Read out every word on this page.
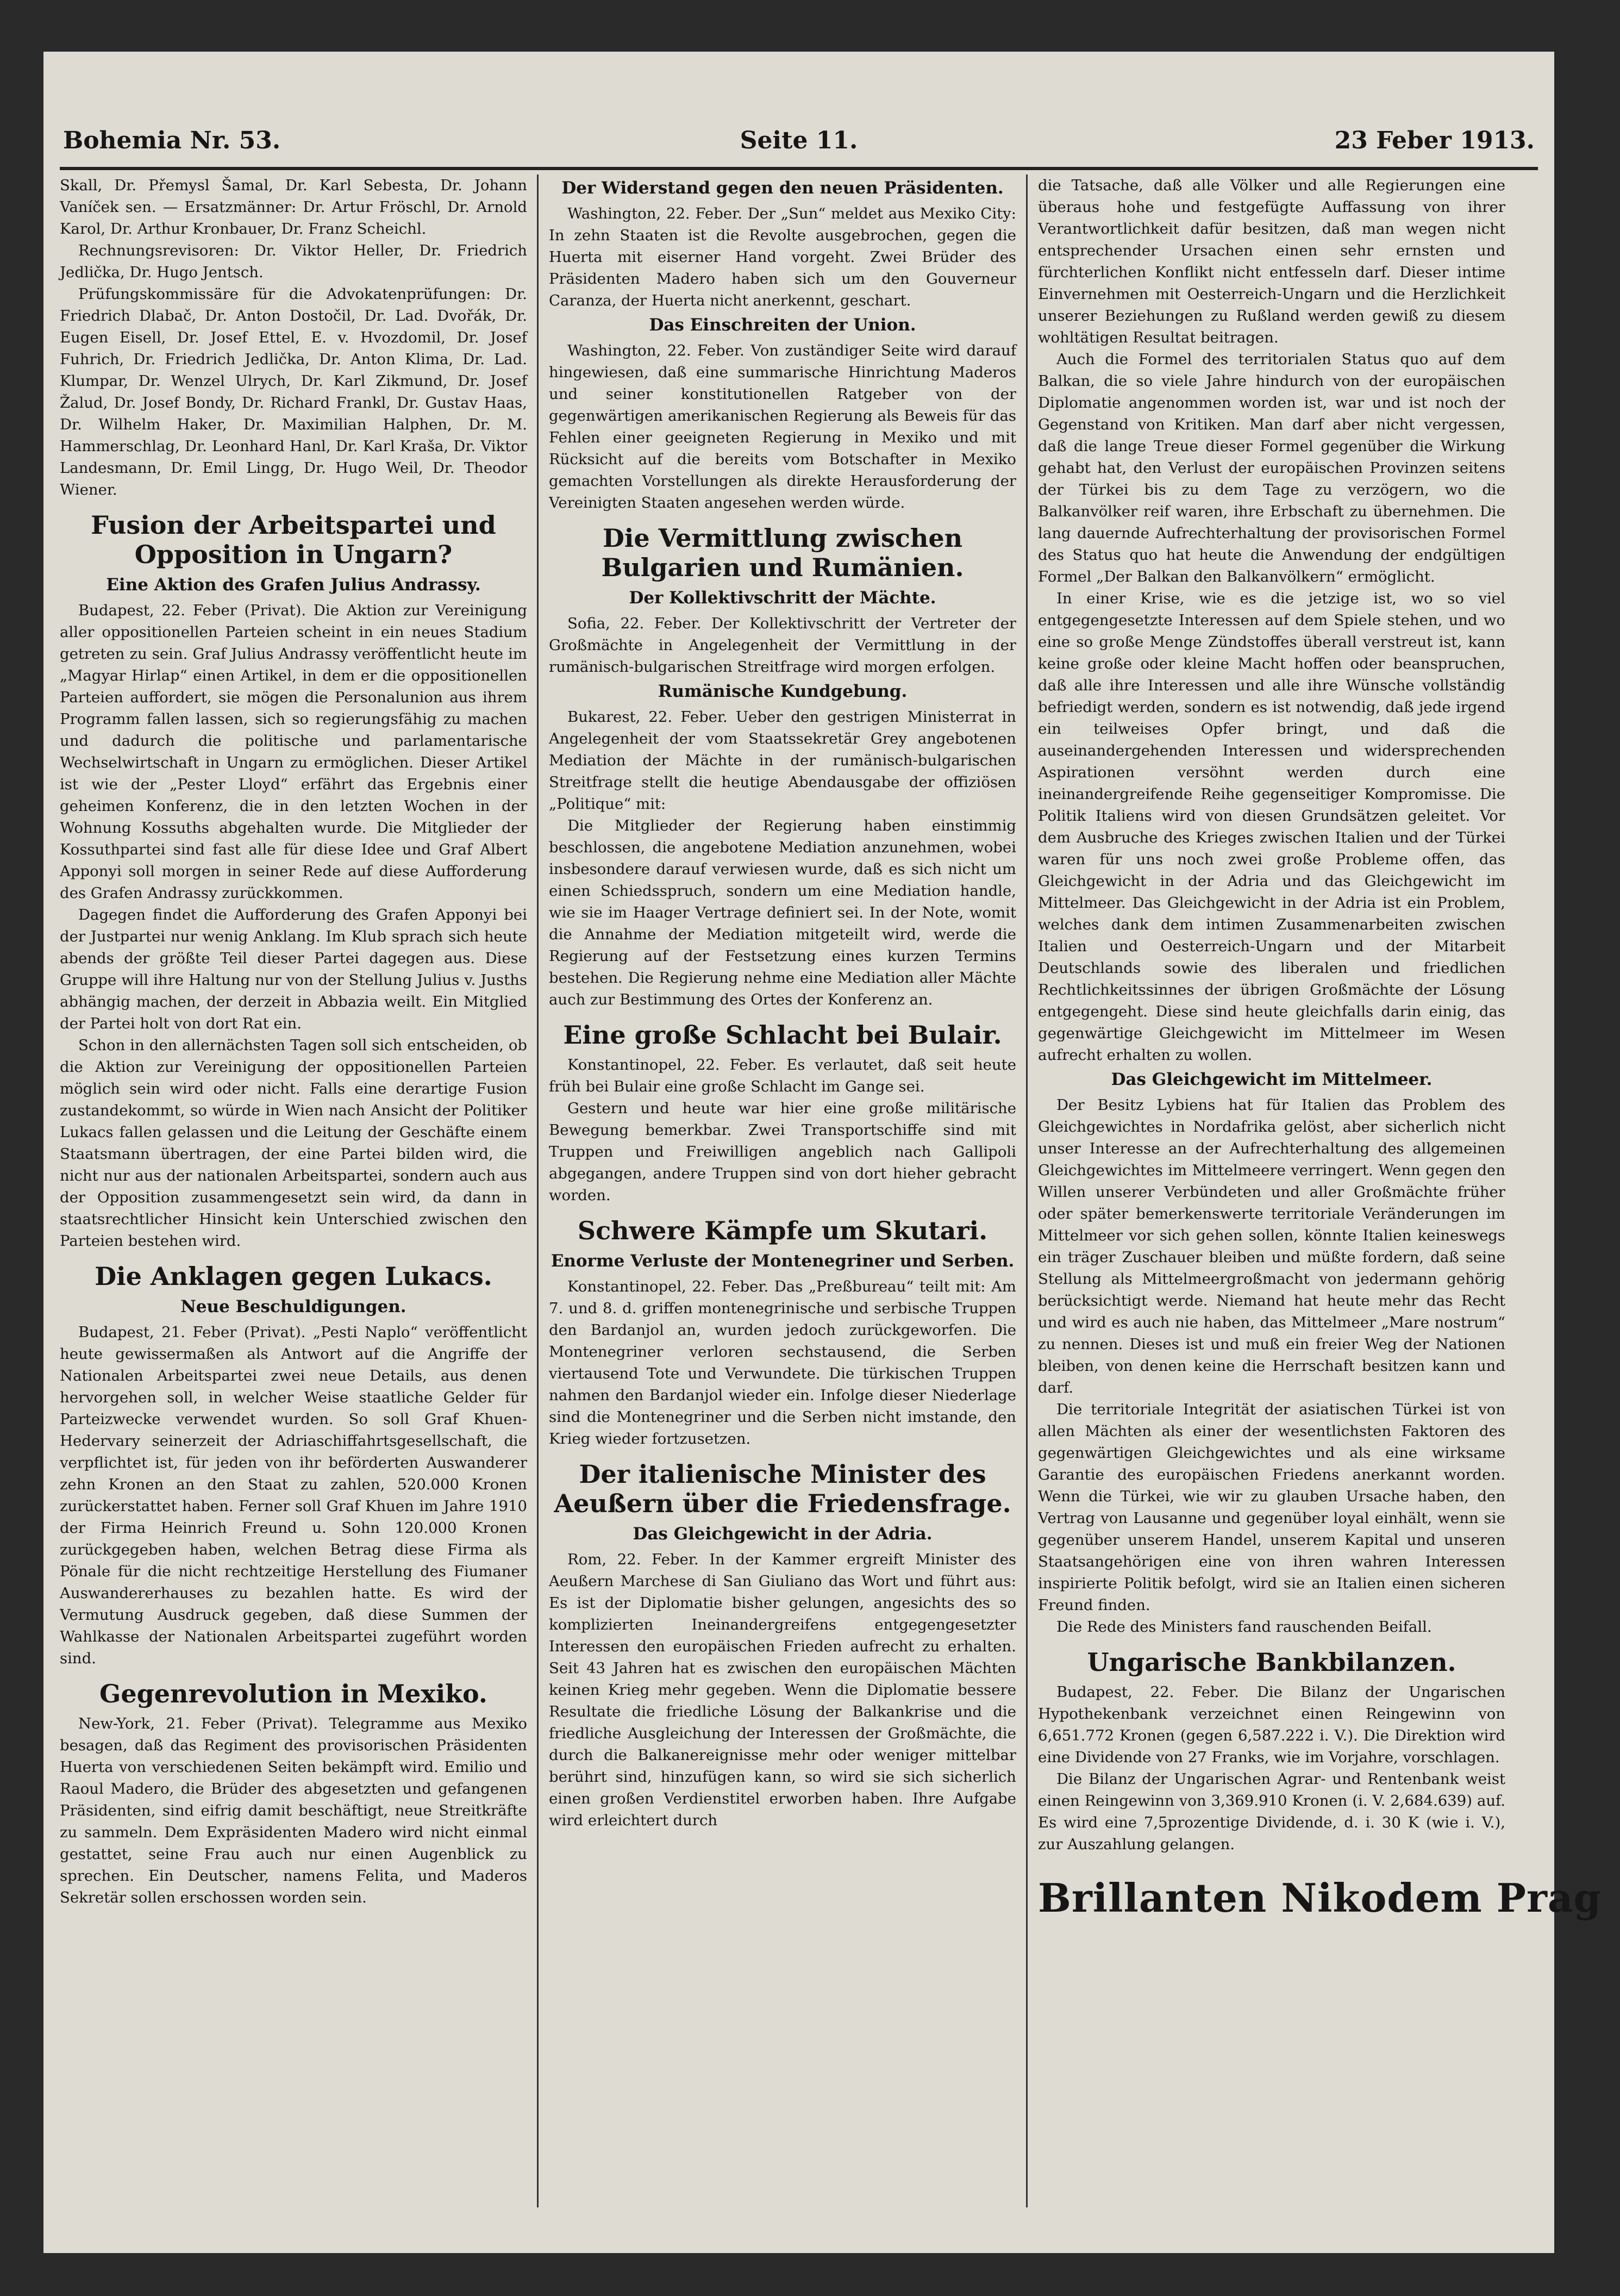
Bohemia Nr. 53.	Seite 11.	23 Feber 1913.

Skall, Dr. Přemysl Šamal, Dr. Karl Sebesta, Dr. Johann Vaníček sen. — Ersatzmänner: Dr. Artur Fröschl, Dr. Arnold Karol, Dr. Arthur Kronbauer, Dr. Franz Scheichl.

Rechnungsrevisoren: Dr. Viktor Heller, Dr. Friedrich Jedlička, Dr. Hugo Jentsch.

Prüfungskommissäre für die Advokatenprüfungen: Dr. Friedrich Dlabač, Dr. Anton Dostočil, Dr. Lad. Dvořák, Dr. Eugen Eisell, Dr. Josef Ettel, E. v. Hvozdomil, Dr. Josef Fuhrich, Dr. Friedrich Jedlička, Dr. Anton Klima, Dr. Lad. Klumpar, Dr. Wenzel Ulrych, Dr. Karl Zikmund, Dr. Josef Žalud, Dr. Josef Bondy, Dr. Richard Frankl, Dr. Gustav Haas, Dr. Wilhelm Haker, Dr. Maximilian Halphen, Dr. M. Hammerschlag, Dr. Leonhard Hanl, Dr. Karl Kraša, Dr. Viktor Landesmann, Dr. Emil Lingg, Dr. Hugo Weil, Dr. Theodor Wiener.

Fusion der Arbeitspartei und Opposition in Ungarn?
Eine Aktion des Grafen Julius Andrassy.

Budapest, 22. Feber (Privat). Die Aktion zur Vereinigung aller oppositionellen Parteien scheint in ein neues Stadium getreten zu sein. Graf Julius Andrassy veröffentlicht heute im „Magyar Hirlap“ einen Artikel, in dem er die oppositionellen Parteien auffordert, sie mögen die Personalunion aus ihrem Programm fallen lassen, sich so regierungsfähig zu machen und dadurch die politische und parlamentarische Wechselwirtschaft in Ungarn zu ermöglichen. Dieser Artikel ist wie der „Pester Lloyd“ erfährt das Ergebnis einer geheimen Konferenz, die in den letzten Wochen in der Wohnung Kossuths abgehalten wurde. Die Mitglieder der Kossuthpartei sind fast alle für diese Idee und Graf Albert Apponyi soll morgen in seiner Rede auf diese Aufforderung des Grafen Andrassy zurückkommen.

Dagegen findet die Aufforderung des Grafen Apponyi bei der Justpartei nur wenig Anklang. Im Klub sprach sich heute abends der größte Teil dieser Partei dagegen aus. Diese Gruppe will ihre Haltung nur von der Stellung Julius v. Jusths abhängig machen, der derzeit in Abbazia weilt. Ein Mitglied der Partei holt von dort Rat ein.

Schon in den allernächsten Tagen soll sich entscheiden, ob die Aktion zur Vereinigung der oppositionellen Parteien möglich sein wird oder nicht. Falls eine derartige Fusion zustandekommt, so würde in Wien nach Ansicht der Politiker Lukacs fallen gelassen und die Leitung der Geschäfte einem Staatsmann übertragen, der eine Partei bilden wird, die nicht nur aus der nationalen Arbeitspartei, sondern auch aus der Opposition zusammengesetzt sein wird, da dann in staatsrechtlicher Hinsicht kein Unterschied zwischen den Parteien bestehen wird.

Die Anklagen gegen Lukacs.
Neue Beschuldigungen.

Budapest, 21. Feber (Privat). „Pesti Naplo“ veröffentlicht heute gewissermaßen als Antwort auf die Angriffe der Nationalen Arbeitspartei zwei neue Details, aus denen hervorgehen soll, in welcher Weise staatliche Gelder für Parteizwecke verwendet wurden. So soll Graf Khuen-Hedervary seinerzeit der Adriaschiffahrtsgesellschaft, die verpflichtet ist, für jeden von ihr beförderten Auswanderer zehn Kronen an den Staat zu zahlen, 520.000 Kronen zurückerstattet haben. Ferner soll Graf Khuen im Jahre 1910 der Firma Heinrich Freund u. Sohn 120.000 Kronen zurückgegeben haben, welchen Betrag diese Firma als Pönale für die nicht rechtzeitige Herstellung des Fiumaner Auswandererhauses zu bezahlen hatte. Es wird der Vermutung Ausdruck gegeben, daß diese Summen der Wahlkasse der Nationalen Arbeitspartei zugeführt worden sind.

Gegenrevolution in Mexiko.

New-York, 21. Feber (Privat). Telegramme aus Mexiko besagen, daß das Regiment des provisorischen Präsidenten Huerta von verschiedenen Seiten bekämpft wird. Emilio und Raoul Madero, die Brüder des abgesetzten und gefangenen Präsidenten, sind eifrig damit beschäftigt, neue Streitkräfte zu sammeln. Dem Expräsidenten Madero wird nicht einmal gestattet, seine Frau auch nur einen Augenblick zu sprechen. Ein Deutscher, namens Felita, und Maderos Sekretär sollen erschossen worden sein.

Der Widerstand gegen den neuen Präsidenten.

Washington, 22. Feber. Der „Sun“ meldet aus Mexiko City: In zehn Staaten ist die Revolte ausgebrochen, gegen die Huerta mit eiserner Hand vorgeht. Zwei Brüder des Präsidenten Madero haben sich um den Gouverneur Caranza, der Huerta nicht anerkennt, geschart.

Das Einschreiten der Union.

Washington, 22. Feber. Von zuständiger Seite wird darauf hingewiesen, daß eine summarische Hinrichtung Maderos und seiner konstitutionellen Ratgeber von der gegenwärtigen amerikanischen Regierung als Beweis für das Fehlen einer geeigneten Regierung in Mexiko und mit Rücksicht auf die bereits vom Botschafter in Mexiko gemachten Vorstellungen als direkte Herausforderung der Vereinigten Staaten angesehen werden würde.

Die Vermittlung zwischen Bulgarien und Rumänien.
Der Kollektivschritt der Mächte.

Sofia, 22. Feber. Der Kollektivschritt der Vertreter der Großmächte in Angelegenheit der Vermittlung in der rumänisch-bulgarischen Streitfrage wird morgen erfolgen.

Rumänische Kundgebung.

Bukarest, 22. Feber. Ueber den gestrigen Ministerrat in Angelegenheit der vom Staatssekretär Grey angebotenen Mediation der Mächte in der rumänisch-bulgarischen Streitfrage stellt die heutige Abendausgabe der offiziösen „Politique“ mit:

Die Mitglieder der Regierung haben einstimmig beschlossen, die angebotene Mediation anzunehmen, wobei insbesondere darauf verwiesen wurde, daß es sich nicht um einen Schiedsspruch, sondern um eine Mediation handle, wie sie im Haager Vertrage definiert sei. In der Note, womit die Annahme der Mediation mitgeteilt wird, werde die Regierung auf der Festsetzung eines kurzen Termins bestehen. Die Regierung nehme eine Mediation aller Mächte auch zur Bestimmung des Ortes der Konferenz an.

Eine große Schlacht bei Bulair.

Konstantinopel, 22. Feber. Es verlautet, daß seit heute früh bei Bulair eine große Schlacht im Gange sei.

Gestern und heute war hier eine große militärische Bewegung bemerkbar. Zwei Transportschiffe sind mit Truppen und Freiwilligen angeblich nach Gallipoli abgegangen, andere Truppen sind von dort hieher gebracht worden.

Schwere Kämpfe um Skutari.
Enorme Verluste der Montenegriner und Serben.

Konstantinopel, 22. Feber. Das „Preßbureau“ teilt mit: Am 7. und 8. d. griffen montenegrinische und serbische Truppen den Bardanjol an, wurden jedoch zurückgeworfen. Die Montenegriner verloren sechstausend, die Serben viertausend Tote und Verwundete. Die türkischen Truppen nahmen den Bardanjol wieder ein. Infolge dieser Niederlage sind die Montenegriner und die Serben nicht imstande, den Krieg wieder fortzusetzen.

Der italienische Minister des Aeußern über die Friedensfrage.
Das Gleichgewicht in der Adria.

Rom, 22. Feber. In der Kammer ergreift Minister des Aeußern Marchese di San Giuliano das Wort und führt aus: Es ist der Diplomatie bisher gelungen, angesichts des so komplizierten Ineinandergreifens entgegengesetzter Interessen den europäischen Frieden aufrecht zu erhalten. Seit 43 Jahren hat es zwischen den europäischen Mächten keinen Krieg mehr gegeben. Wenn die Diplomatie bessere Resultate die friedliche Lösung der Balkankrise und die friedliche Ausgleichung der Interessen der Großmächte, die durch die Balkanereignisse mehr oder weniger mittelbar berührt sind, hinzufügen kann, so wird sie sich sicherlich einen großen Verdienstitel erworben haben. Ihre Aufgabe wird erleichtert durch

die Tatsache, daß alle Völker und alle Regierungen eine überaus hohe und festgefügte Auffassung von ihrer Verantwortlichkeit dafür besitzen, daß man wegen nicht entsprechender Ursachen einen sehr ernsten und fürchterlichen Konflikt nicht entfesseln darf. Dieser intime Einvernehmen mit Oesterreich-Ungarn und die Herzlichkeit unserer Beziehungen zu Rußland werden gewiß zu diesem wohltätigen Resultat beitragen.

Auch die Formel des territorialen Status quo auf dem Balkan, die so viele Jahre hindurch von der europäischen Diplomatie angenommen worden ist, war und ist noch der Gegenstand von Kritiken. Man darf aber nicht vergessen, daß die lange Treue dieser Formel gegenüber die Wirkung gehabt hat, den Verlust der europäischen Provinzen seitens der Türkei bis zu dem Tage zu verzögern, wo die Balkanvölker reif waren, ihre Erbschaft zu übernehmen. Die lang dauernde Aufrechterhaltung der provisorischen Formel des Status quo hat heute die Anwendung der endgültigen Formel „Der Balkan den Balkanvölkern“ ermöglicht.

In einer Krise, wie es die jetzige ist, wo so viel entgegengesetzte Interessen auf dem Spiele stehen, und wo eine so große Menge Zündstoffes überall verstreut ist, kann keine große oder kleine Macht hoffen oder beanspruchen, daß alle ihre Interessen und alle ihre Wünsche vollständig befriedigt werden, sondern es ist notwendig, daß jede irgend ein teilweises Opfer bringt, und daß die auseinandergehenden Interessen und widersprechenden Aspirationen versöhnt werden durch eine ineinandergreifende Reihe gegenseitiger Kompromisse. Die Politik Italiens wird von diesen Grundsätzen geleitet. Vor dem Ausbruche des Krieges zwischen Italien und der Türkei waren für uns noch zwei große Probleme offen, das Gleichgewicht in der Adria und das Gleichgewicht im Mittelmeer. Das Gleichgewicht in der Adria ist ein Problem, welches dank dem intimen Zusammenarbeiten zwischen Italien und Oesterreich-Ungarn und der Mitarbeit Deutschlands sowie des liberalen und friedlichen Rechtlichkeitssinnes der übrigen Großmächte der Lösung entgegengeht. Diese sind heute gleichfalls darin einig, das gegenwärtige Gleichgewicht im Mittelmeer im Wesen aufrecht erhalten zu wollen.

Das Gleichgewicht im Mittelmeer.

Der Besitz Lybiens hat für Italien das Problem des Gleichgewichtes in Nordafrika gelöst, aber sicherlich nicht unser Interesse an der Aufrechterhaltung des allgemeinen Gleichgewichtes im Mittelmeere verringert. Wenn gegen den Willen unserer Verbündeten und aller Großmächte früher oder später bemerkenswerte territoriale Veränderungen im Mittelmeer vor sich gehen sollen, könnte Italien keineswegs ein träger Zuschauer bleiben und müßte fordern, daß seine Stellung als Mittelmeergroßmacht von jedermann gehörig berücksichtigt werde. Niemand hat heute mehr das Recht und wird es auch nie haben, das Mittelmeer „Mare nostrum“ zu nennen. Dieses ist und muß ein freier Weg der Nationen bleiben, von denen keine die Herrschaft besitzen kann und darf.

Die territoriale Integrität der asiatischen Türkei ist von allen Mächten als einer der wesentlichsten Faktoren des gegenwärtigen Gleichgewichtes und als eine wirksame Garantie des europäischen Friedens anerkannt worden. Wenn die Türkei, wie wir zu glauben Ursache haben, den Vertrag von Lausanne und gegenüber loyal einhält, wenn sie gegenüber unserem Handel, unserem Kapital und unseren Staatsangehörigen eine von ihren wahren Interessen inspirierte Politik befolgt, wird sie an Italien einen sicheren Freund finden.

Die Rede des Ministers fand rauschenden Beifall.

Ungarische Bankbilanzen.

Budapest, 22. Feber. Die Bilanz der Ungarischen Hypothekenbank verzeichnet einen Reingewinn von 6,651.772 Kronen (gegen 6,587.222 i. V.). Die Direktion wird eine Dividende von 27 Franks, wie im Vorjahre, vorschlagen.

Die Bilanz der Ungarischen Agrar- und Rentenbank weist einen Reingewinn von 3,369.910 Kronen (i. V. 2,684.639) auf. Es wird eine 7,5prozentige Dividende, d. i. 30 K (wie i. V.), zur Auszahlung gelangen.

Brillanten Nikodem Prag
